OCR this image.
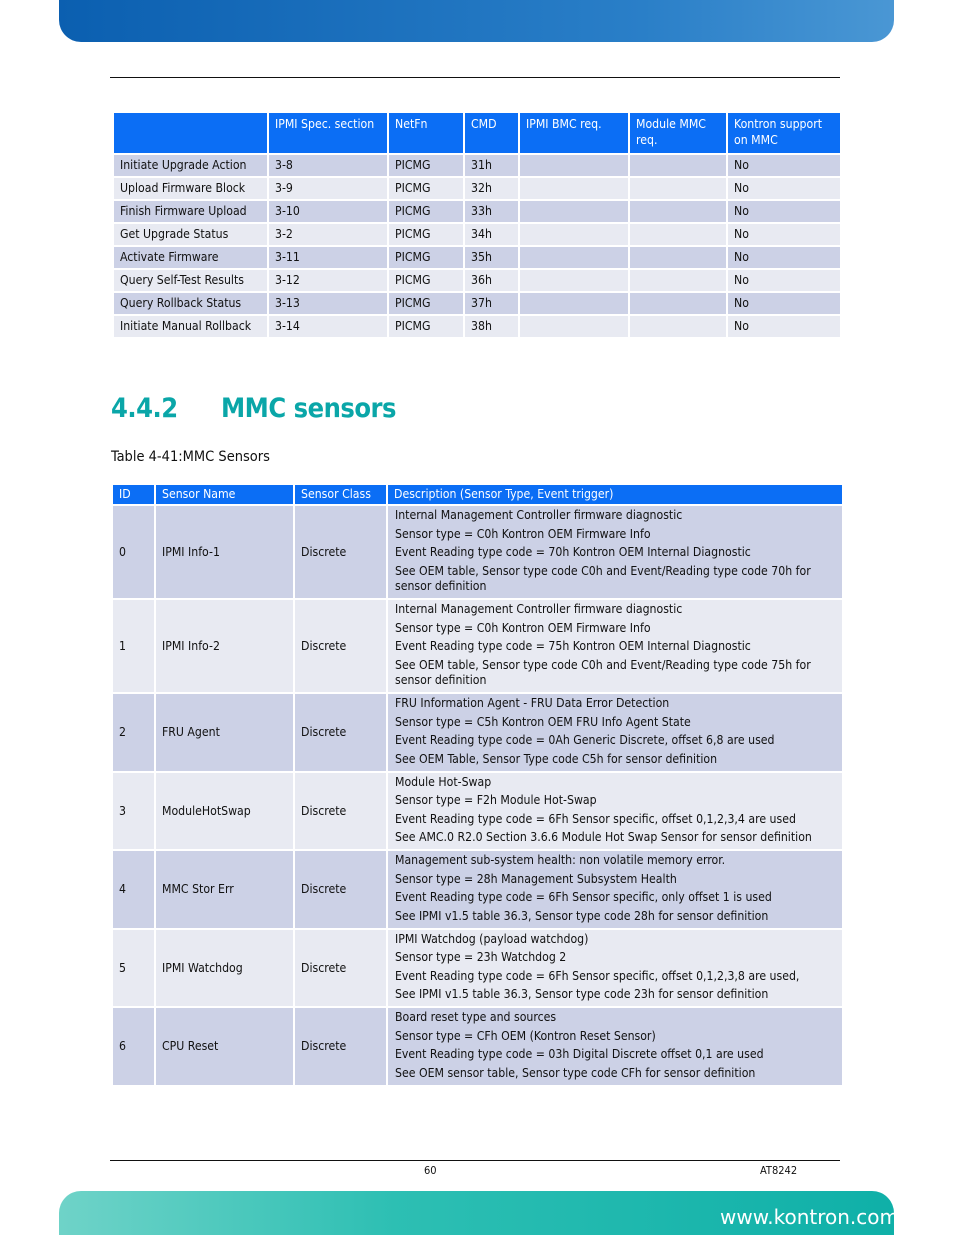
	IPMI Spec. section	NetFn	CMD	IPMI BMC req.	Module MMC req.	Kontron support on MMC
Initiate Upgrade Action	3-8	PICMG	31h			No
Upload Firmware Block	3-9	PICMG	32h			No
Finish Firmware Upload	3-10	PICMG	33h			No
Get Upgrade Status	3-2	PICMG	34h			No
Activate Firmware	3-11	PICMG	35h			No
Query Self-Test Results	3-12	PICMG	36h			No
Query Rollback Status	3-13	PICMG	37h			No
Initiate Manual Rollback	3-14	PICMG	38h			No
4.4.2 MMC sensors

Table 4-41:MMC Sensors

ID	Sensor Name	Sensor Class	Description (Sensor Type, Event trigger)
0	IPMI Info-1	Discrete	Internal Management Controller firmware diagnostic
Sensor type = C0h Kontron OEM Firmware Info
Event Reading type code = 70h Kontron OEM Internal Diagnostic
See OEM table, Sensor type code C0h and Event/Reading type code 70h for sensor definition

1	IPMI Info-2	Discrete	Internal Management Controller firmware diagnostic
Sensor type = C0h Kontron OEM Firmware Info
Event Reading type code = 75h Kontron OEM Internal Diagnostic
See OEM table, Sensor type code C0h and Event/Reading type code 75h for sensor definition

2	FRU Agent	Discrete	FRU Information Agent - FRU Data Error Detection
Sensor type = C5h Kontron OEM FRU Info Agent State
Event Reading type code = 0Ah Generic Discrete, offset 6,8 are used
See OEM Table, Sensor Type code C5h for sensor definition

3	ModuleHotSwap	Discrete	Module Hot-Swap
Sensor type = F2h Module Hot-Swap
Event Reading type code = 6Fh Sensor specific, offset 0,1,2,3,4 are used
See AMC.0 R2.0 Section 3.6.6 Module Hot Swap Sensor for sensor definition

4	MMC Stor Err	Discrete	Management sub-system health: non volatile memory error.
Sensor type = 28h Management Subsystem Health
Event Reading type code = 6Fh Sensor specific, only offset 1 is used
See IPMI v1.5 table 36.3, Sensor type code 28h for sensor definition

5	IPMI Watchdog	Discrete	IPMI Watchdog (payload watchdog)
Sensor type = 23h Watchdog 2
Event Reading type code = 6Fh Sensor specific, offset 0,1,2,3,8 are used,
See IPMI v1.5 table 36.3, Sensor type code 23h for sensor definition

6	CPU Reset	Discrete	Board reset type and sources
Sensor type = CFh OEM (Kontron Reset Sensor)
Event Reading type code = 03h Digital Discrete offset 0,1 are used
See OEM sensor table, Sensor type code CFh for sensor definition
60	AT8242
www.kontron.com
